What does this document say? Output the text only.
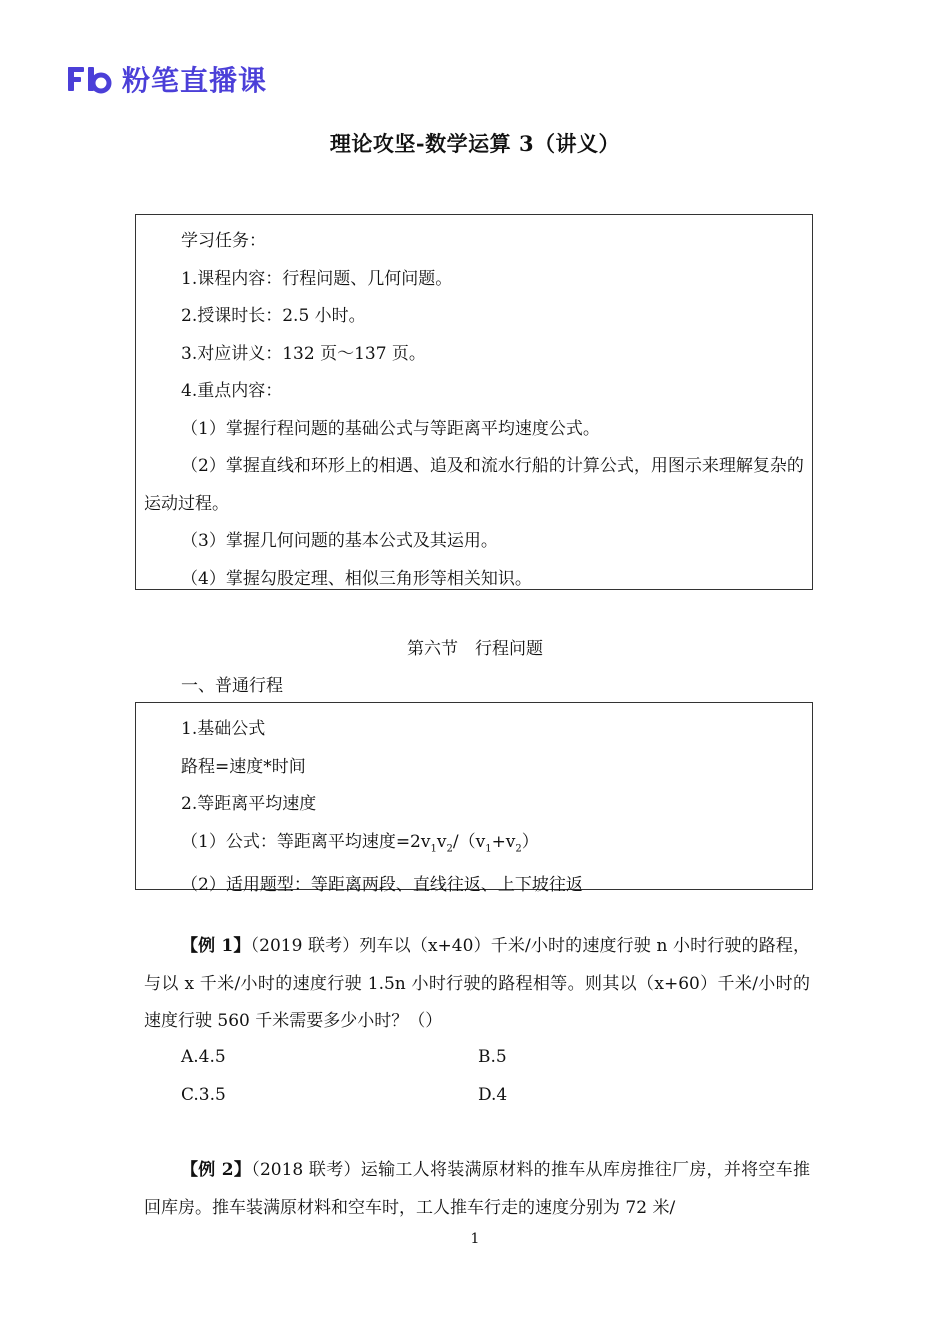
粉笔直播课
理论攻坚-数学运算 3（讲义）
学习任务：
1.课程内容：行程问题、几何问题。
2.授课时长：2.5 小时。
3.对应讲义：132 页～137 页。
4.重点内容：
（1）掌握行程问题的基础公式与等距离平均速度公式。
（2）掌握直线和环形上的相遇、追及和流水行船的计算公式，用图示来理解复杂的运动过程。
（3）掌握几何问题的基本公式及其运用。
（4）掌握勾股定理、相似三角形等相关知识。
第六节　行程问题
一、普通行程
1.基础公式
路程=速度*时间
2.等距离平均速度
（1）公式：等距离平均速度$=2v_1v_2/(v_1+v_2)$
（2）适用题型：等距离两段、直线往返、上下坡往返
【例 1】（2019 联考）列车以（x+40）千米/小时的速度行驶 n 小时行驶的路程，与以 x 千米/小时的速度行驶 1.5n 小时行驶的路程相等。则其以（x+60）千米/小时的速度行驶 560 千米需要多少小时？（）
A.4.5	B.5
C.3.5	D.4
【例 2】（2018 联考）运输工人将装满原材料的推车从库房推往厂房，并将空车推回库房。推车装满原材料和空车时，工人推车行走的速度分别为 72 米/
1
